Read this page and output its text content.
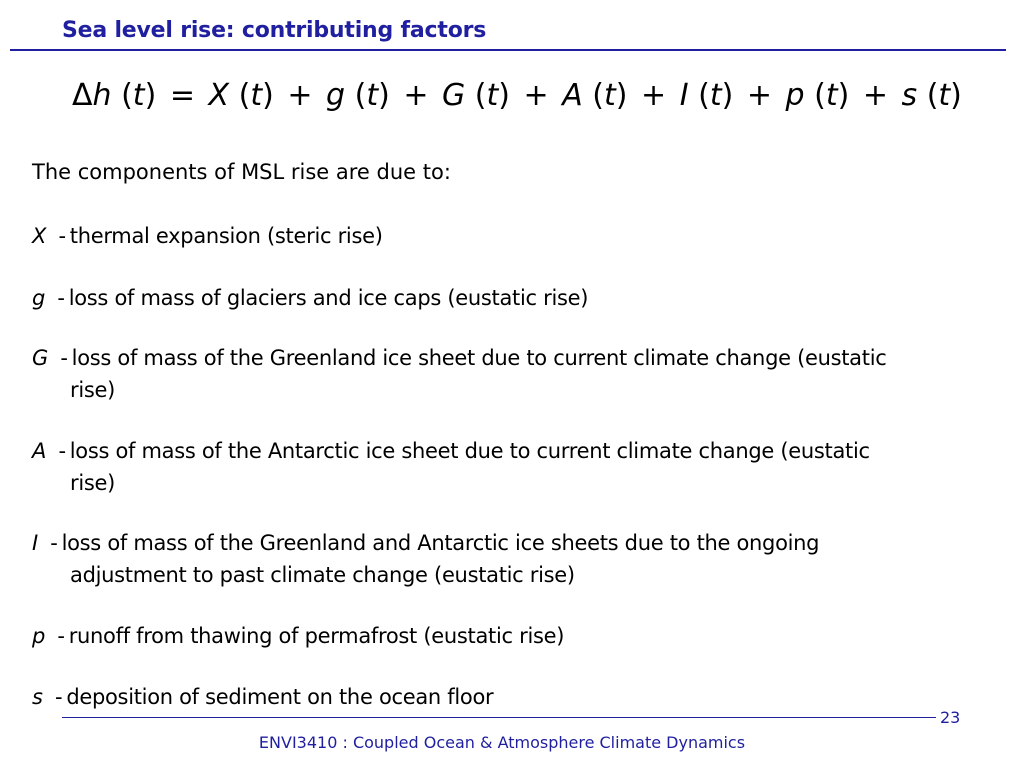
Sea level rise: contributing factors
Δh (t) = X (t) + g (t) + G (t) + A (t) + I (t) + p (t) + s (t)
The components of MSL rise are due to:
X - thermal expansion (steric rise)
g - loss of mass of glaciers and ice caps (eustatic rise)
G - loss of mass of the Greenland ice sheet due to current climate change (eustatic
rise)
A - loss of mass of the Antarctic ice sheet due to current climate change (eustatic
rise)
I - loss of mass of the Greenland and Antarctic ice sheets due to the ongoing
adjustment to past climate change (eustatic rise)
p - runoff from thawing of permafrost (eustatic rise)
s - deposition of sediment on the ocean floor
23
ENVI3410 : Coupled Ocean & Atmosphere Climate Dynamics
